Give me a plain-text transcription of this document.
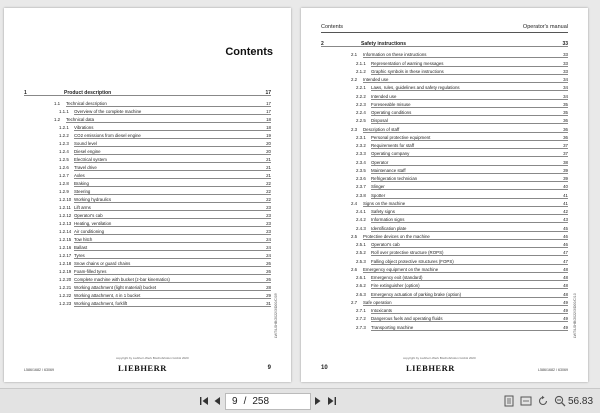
Contents
1	Product description	17
1.1 Technical description	17
1.1.1 Overview of the complete machine	17
1.2 Technical data	18
1.2.1 Vibrations	18
1.2.2 CO2 emissions from diesel engine	19
1.2.3 Sound level	20
1.2.4 Diesel engine	20
1.2.5 Electrical system	21
1.2.6 Travel drive	21
1.2.7 Axles	21
1.2.8 Braking	22
1.2.9 Steering	22
1.2.10 Working hydraulics	22
1.2.11 Lift arms	23
1.2.12 Operator's cab	23
1.2.13 Heating, ventilation	23
1.2.14 Air conditioning	23
1.2.15 Tow hitch	24
1.2.16 Ballast	24
1.2.17 Tyres	24
1.2.18 Snow chains or guard chains	26
1.2.19 Foam-filled tyres	26
1.2.20 Complete machine with bucket (z-bar kinematics)	26
1.2.21 Working attachment (light material) bucket	28
1.2.22 Working attachment, 4 in 1 bucket	29
1.2.23 Working attachment, forklift	31 LWT/LSHB/2022/3/D00/C/09
copyright by Liebherr-Werk Bischofshofen GmbH 2020
L586/1682 / 63069	LIEBHERR	9
Contents	Operator's manual
2	Safety instructions	33
2.1 Information on these instructions	33
2.1.1 Representation of warning messages	33
2.1.2 Graphic symbols in these instructions	33
2.2 Intended use	34
2.2.1 Laws, rules, guidelines and safety regulations	34
2.2.2 Intended use	34
2.2.3 Foreseeable misuse	35
2.2.4 Operating conditions	35
2.2.5 Disposal	36
2.3 Description of staff	36
2.3.1 Personal protective equipment	36
2.3.2 Requirements for staff	37
2.3.3 Operating company	37
2.3.4 Operator	38
2.3.5 Maintenance staff	39
2.3.6 Refrigeration technician	39
2.3.7 Slinger	40
2.3.8 Spotter	41
2.4 Signs on the machine	41
2.4.1 Safety signs	42
2.4.2 Information signs	43
2.4.3 Identification plate	45
2.5 Protective devices on the machine	46
2.5.1 Operator's cab	46
2.5.2 Roll over protective structure (ROPS)	47
2.5.3 Falling object protective structures (FOPS)	47
2.6 Emergency equipment on the machine	48
2.6.1 Emergency exit (standard)	48
2.6.2 Fire extinguisher (option)	48
2.6.3 Emergency actuation of parking brake (option)	48
2.7 Safe operation	49
2.7.1 Intoxicants	49
2.7.2 Dangerous fuels and operating fluids	49
2.7.3 Transporting machine	49 LWT/LSHB/2022/3/D00/C/10
copyright by Liebherr-Werk Bischofshofen GmbH 2020
10	LIEBHERR	L586/1682 / 63069
9 / 258	56.83
